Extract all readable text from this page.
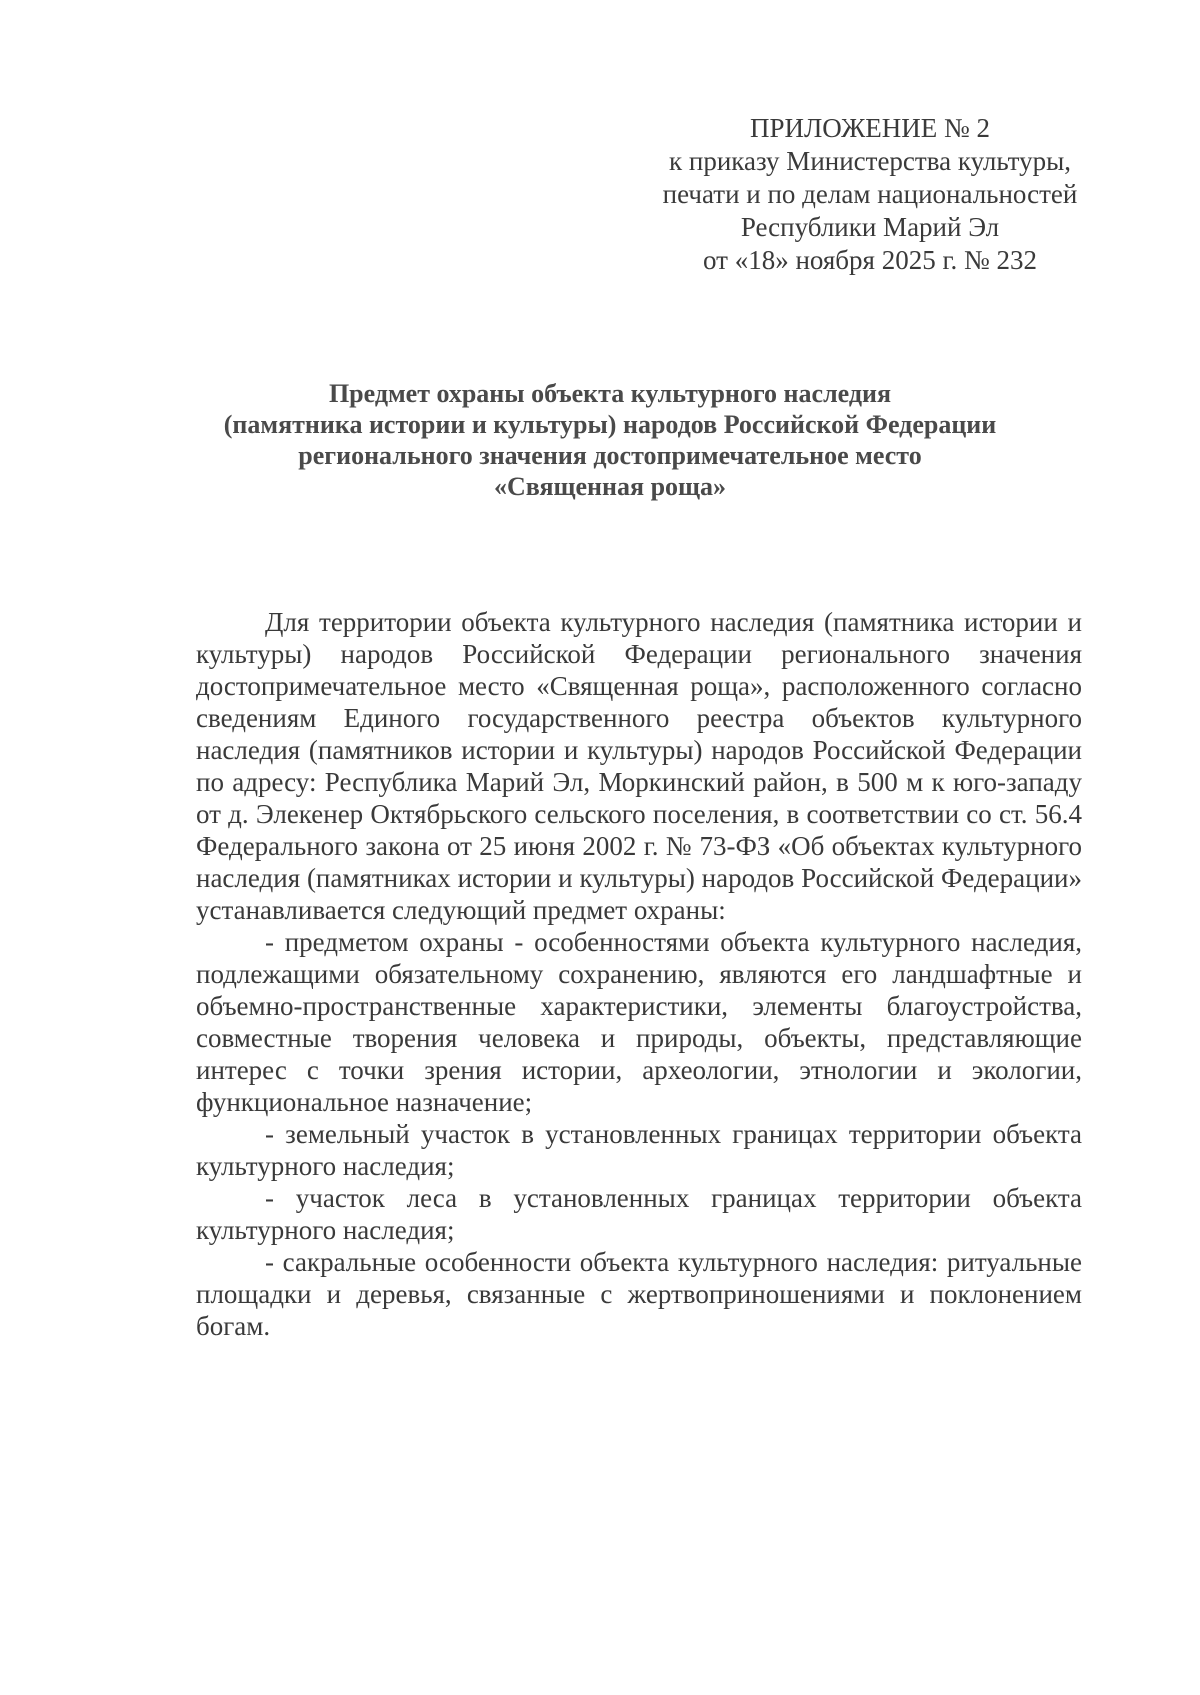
ПРИЛОЖЕНИЕ № 2
к приказу Министерства культуры,
печати и по делам национальностей
Республики Марий Эл
от «18» ноября 2025 г. № 232
Предмет охраны объекта культурного наследия
(памятника истории и культуры) народов Российской Федерации
регионального значения достопримечательное место
«Священная роща»

Для территории объекта культурного наследия (памятника истории и культуры) народов Российской Федерации регионального значения достопримечательное место «Священная роща», расположенного согласно сведениям Единого государственного реестра объектов культурного наследия (памятников истории и культуры) народов Российской Федерации по адресу: Республика Марий Эл, Моркинский район, в 500 м к юго-западу от д. Элекенер Октябрьского сельского поселения, в соответствии со ст. 56.4 Федерального закона от 25 июня 2002 г. № 73-ФЗ «Об объектах культурного наследия (памятниках истории и культуры) народов Российской Федерации» устанавливается следующий предмет охраны:

- предметом охраны - особенностями объекта культурного наследия, подлежащими обязательному сохранению, являются его ландшафтные и объемно-пространственные характеристики, элементы благоустройства, совместные творения человека и природы, объекты, представляющие интерес с точки зрения истории, археологии, этнологии и экологии, функциональное назначение;

- земельный участок в установленных границах территории объекта культурного наследия;

- участок леса в установленных границах территории объекта культурного наследия;

- сакральные особенности объекта культурного наследия: ритуальные площадки и деревья, связанные с жертвоприношениями и поклонением богам.
